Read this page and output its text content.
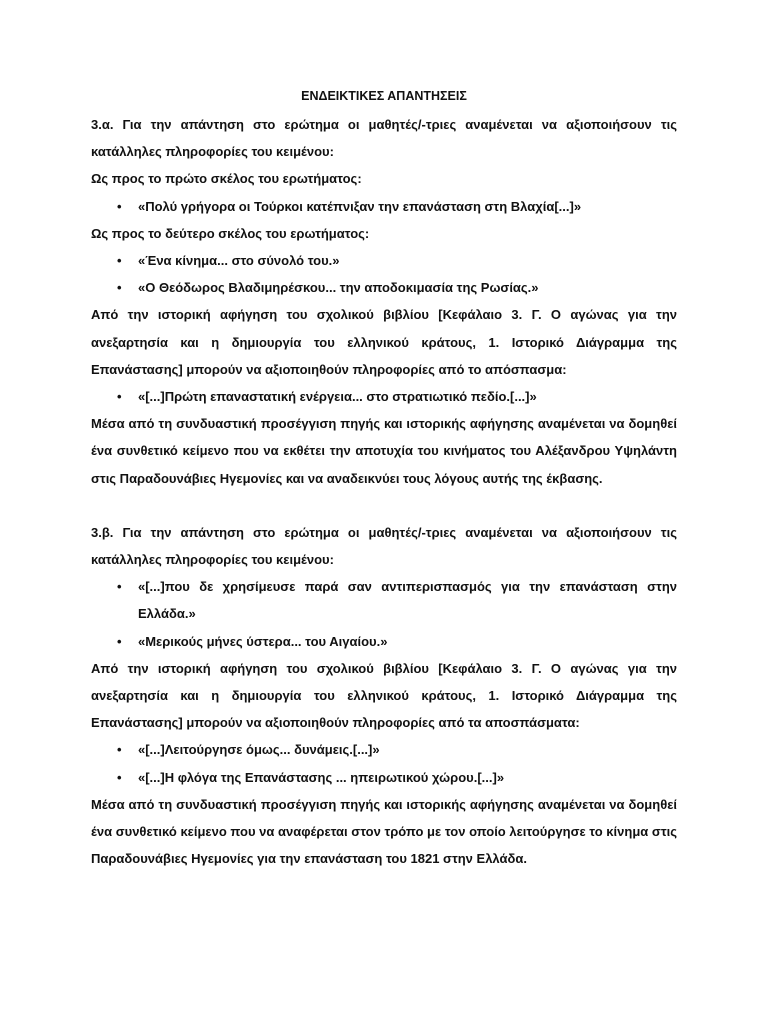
ΕΝΔΕΙΚΤΙΚΕΣ ΑΠΑΝΤΗΣΕΙΣ

3.α. Για την απάντηση στο ερώτημα οι μαθητές/-τριες αναμένεται να αξιοποιήσουν τις κατάλληλες πληροφορίες του κειμένου:

Ως προς το πρώτο σκέλος του ερωτήματος:

• «Πολύ γρήγορα οι Τούρκοι κατέπνιξαν την επανάσταση στη Βλαχία[...]»

Ως προς το δεύτερο σκέλος του ερωτήματος:

• «Ένα κίνημα... στο σύνολό του.»
• «Ο Θεόδωρος Βλαδιμηρέσκου... την αποδοκιμασία της Ρωσίας.»

Από την ιστορική αφήγηση του σχολικού βιβλίου [Κεφάλαιο 3. Γ. Ο αγώνας για την ανεξαρτησία και η δημιουργία του ελληνικού κράτους, 1. Ιστορικό Διάγραμμα της Επανάστασης] μπορούν να αξιοποιηθούν πληροφορίες από το απόσπασμα:

• «[...]Πρώτη επαναστατική ενέργεια... στο στρατιωτικό πεδίο.[...]»

Μέσα από τη συνδυαστική προσέγγιση πηγής και ιστορικής αφήγησης αναμένεται να δομηθεί ένα συνθετικό κείμενο που να εκθέτει την αποτυχία του κινήματος του Αλέξανδρου Υψηλάντη στις Παραδουνάβιες Ηγεμονίες και να αναδεικνύει τους λόγους αυτής της έκβασης.

3.β. Για την απάντηση στο ερώτημα οι μαθητές/-τριες αναμένεται να αξιοποιήσουν τις κατάλληλες πληροφορίες του κειμένου:

• «[...]που δε χρησίμευσε παρά σαν αντιπερισπασμός για την επανάσταση στην Ελλάδα.»
• «Μερικούς μήνες ύστερα... του Αιγαίου.»

Από την ιστορική αφήγηση του σχολικού βιβλίου [Κεφάλαιο 3. Γ. Ο αγώνας για την ανεξαρτησία και η δημιουργία του ελληνικού κράτους, 1. Ιστορικό Διάγραμμα της Επανάστασης] μπορούν να αξιοποιηθούν πληροφορίες από τα αποσπάσματα:

• «[...]Λειτούργησε όμως... δυνάμεις.[...]»
• «[...]Η φλόγα της Επανάστασης ... ηπειρωτικού χώρου.[...]»

Μέσα από τη συνδυαστική προσέγγιση πηγής και ιστορικής αφήγησης αναμένεται να δομηθεί ένα συνθετικό κείμενο που να αναφέρεται στον τρόπο με τον οποίο λειτούργησε το κίνημα στις Παραδουνάβιες Ηγεμονίες για την επανάσταση του 1821 στην Ελλάδα.
